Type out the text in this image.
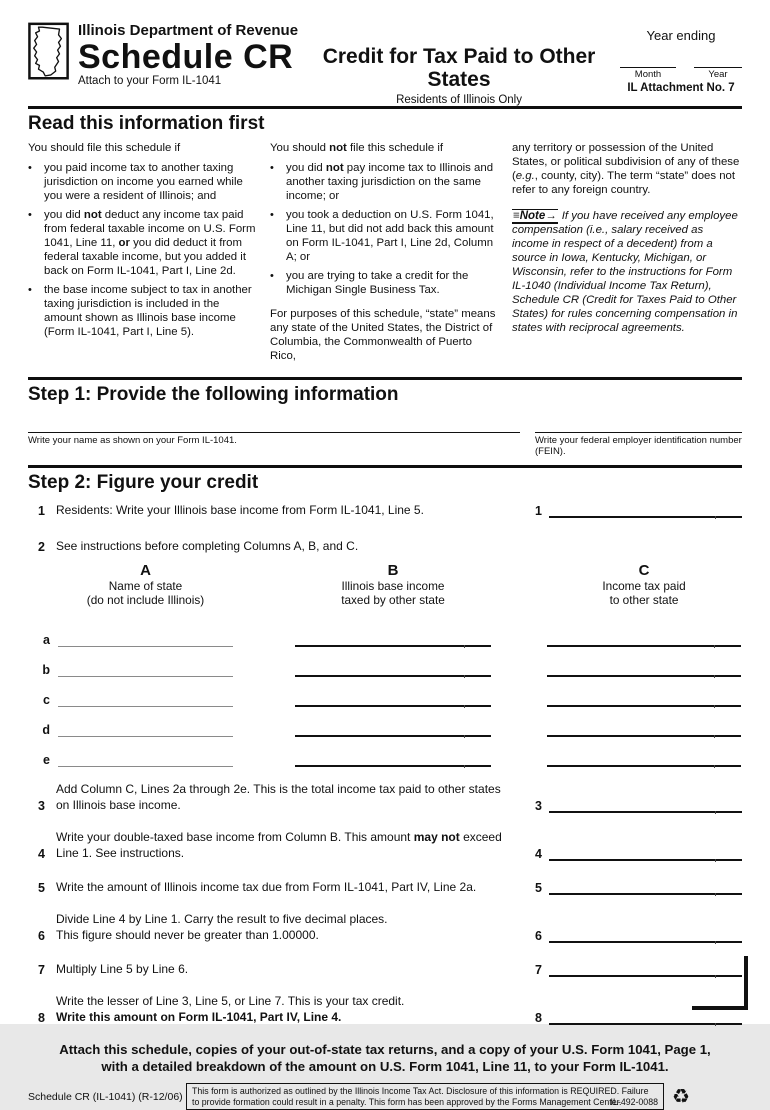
Illinois Department of Revenue
Schedule CR
Attach to your Form IL-1041
Credit for Tax Paid to Other States
Residents of Illinois Only
Year ending
Month	Year
IL Attachment No. 7
Read this information first

You should file this schedule if

•	you paid income tax to another taxing jurisdiction on income you earned while you were a resident of Illinois; and
•	you did not deduct any income tax paid from federal taxable income on U.S. Form 1041, Line 11, or you did deduct it from federal taxable income, but you added it back on Form IL-1041, Part I, Line 2d.
•	the base income subject to tax in another taxing jurisdiction is included in the amount shown as Illinois base income (Form IL-1041, Part I, Line 5).

You should not file this schedule if

•	you did not pay income tax to Illinois and another taxing jurisdiction on the same income; or
•	you took a deduction on U.S. Form 1041, Line 11, but did not add back this amount on Form IL-1041, Part I, Line 2d, Column A; or
•	you are trying to take a credit for the Michigan Single Business Tax.

For purposes of this schedule, “state” means any state of the United States, the District of Columbia, the Commonwealth of Puerto Rico,

any territory or possession of the United States, or political subdivision of any of these (e.g., county, city). The term “state” does not refer to any foreign country.

≡Note→ If you have received any employee compensation (i.e., salary received as income in respect of a decedent) from a source in Iowa, Kentucky, Michigan, or Wisconsin, refer to the instructions for Form IL-1040 (Individual Income Tax Return), Schedule CR (Credit for Taxes Paid to Other States) for rules concerning compensation in states with reciprocal agreements.

Step 1: Provide the following information
Write your name as shown on your Form IL-1041.	Write your federal employer identification number (FEIN).
Step 2: Figure your credit
1 Residents: Write your Illinois base income from Form IL-1041, Line 5.	1
2 See instructions before completing Columns A, B, and C.
A
Name of state
(do not include Illinois)
B
Illinois base income
taxed by other state
C
Income tax paid
to other state
a
b
c
d
e
3
Add Column C, Lines 2a through 2e. This is the total income tax paid to other states
on Illinois base income.	3
4
Write your double-taxed base income from Column B. This amount may not exceed
Line 1. See instructions.	4
5 Write the amount of Illinois income tax due from Form IL-1041, Part IV, Line 2a.	5
6
Divide Line 4 by Line 1. Carry the result to five decimal places.
This figure should never be greater than 1.00000.	6
7 Multiply Line 5 by Line 6.	7
8
Write the lesser of Line 3, Line 5, or Line 7. This is your tax credit.
Write this amount on Form IL-1041, Part IV, Line 4.	8
Attach this schedule, copies of your out-of-state tax returns, and a copy of your U.S. Form 1041, Page 1,
with a detailed breakdown of the amount on U.S. Form 1041, Line 11, to your Form IL-1041.
Schedule CR (IL-1041) (R-12/06)	This form is authorized as outlined by the Illinois Income Tax Act. Disclosure of this information is REQUIRED. Failure to provide formation could result in a penalty. This form has been approved by the Forms Management Center.
IL-492-0088 ♻
